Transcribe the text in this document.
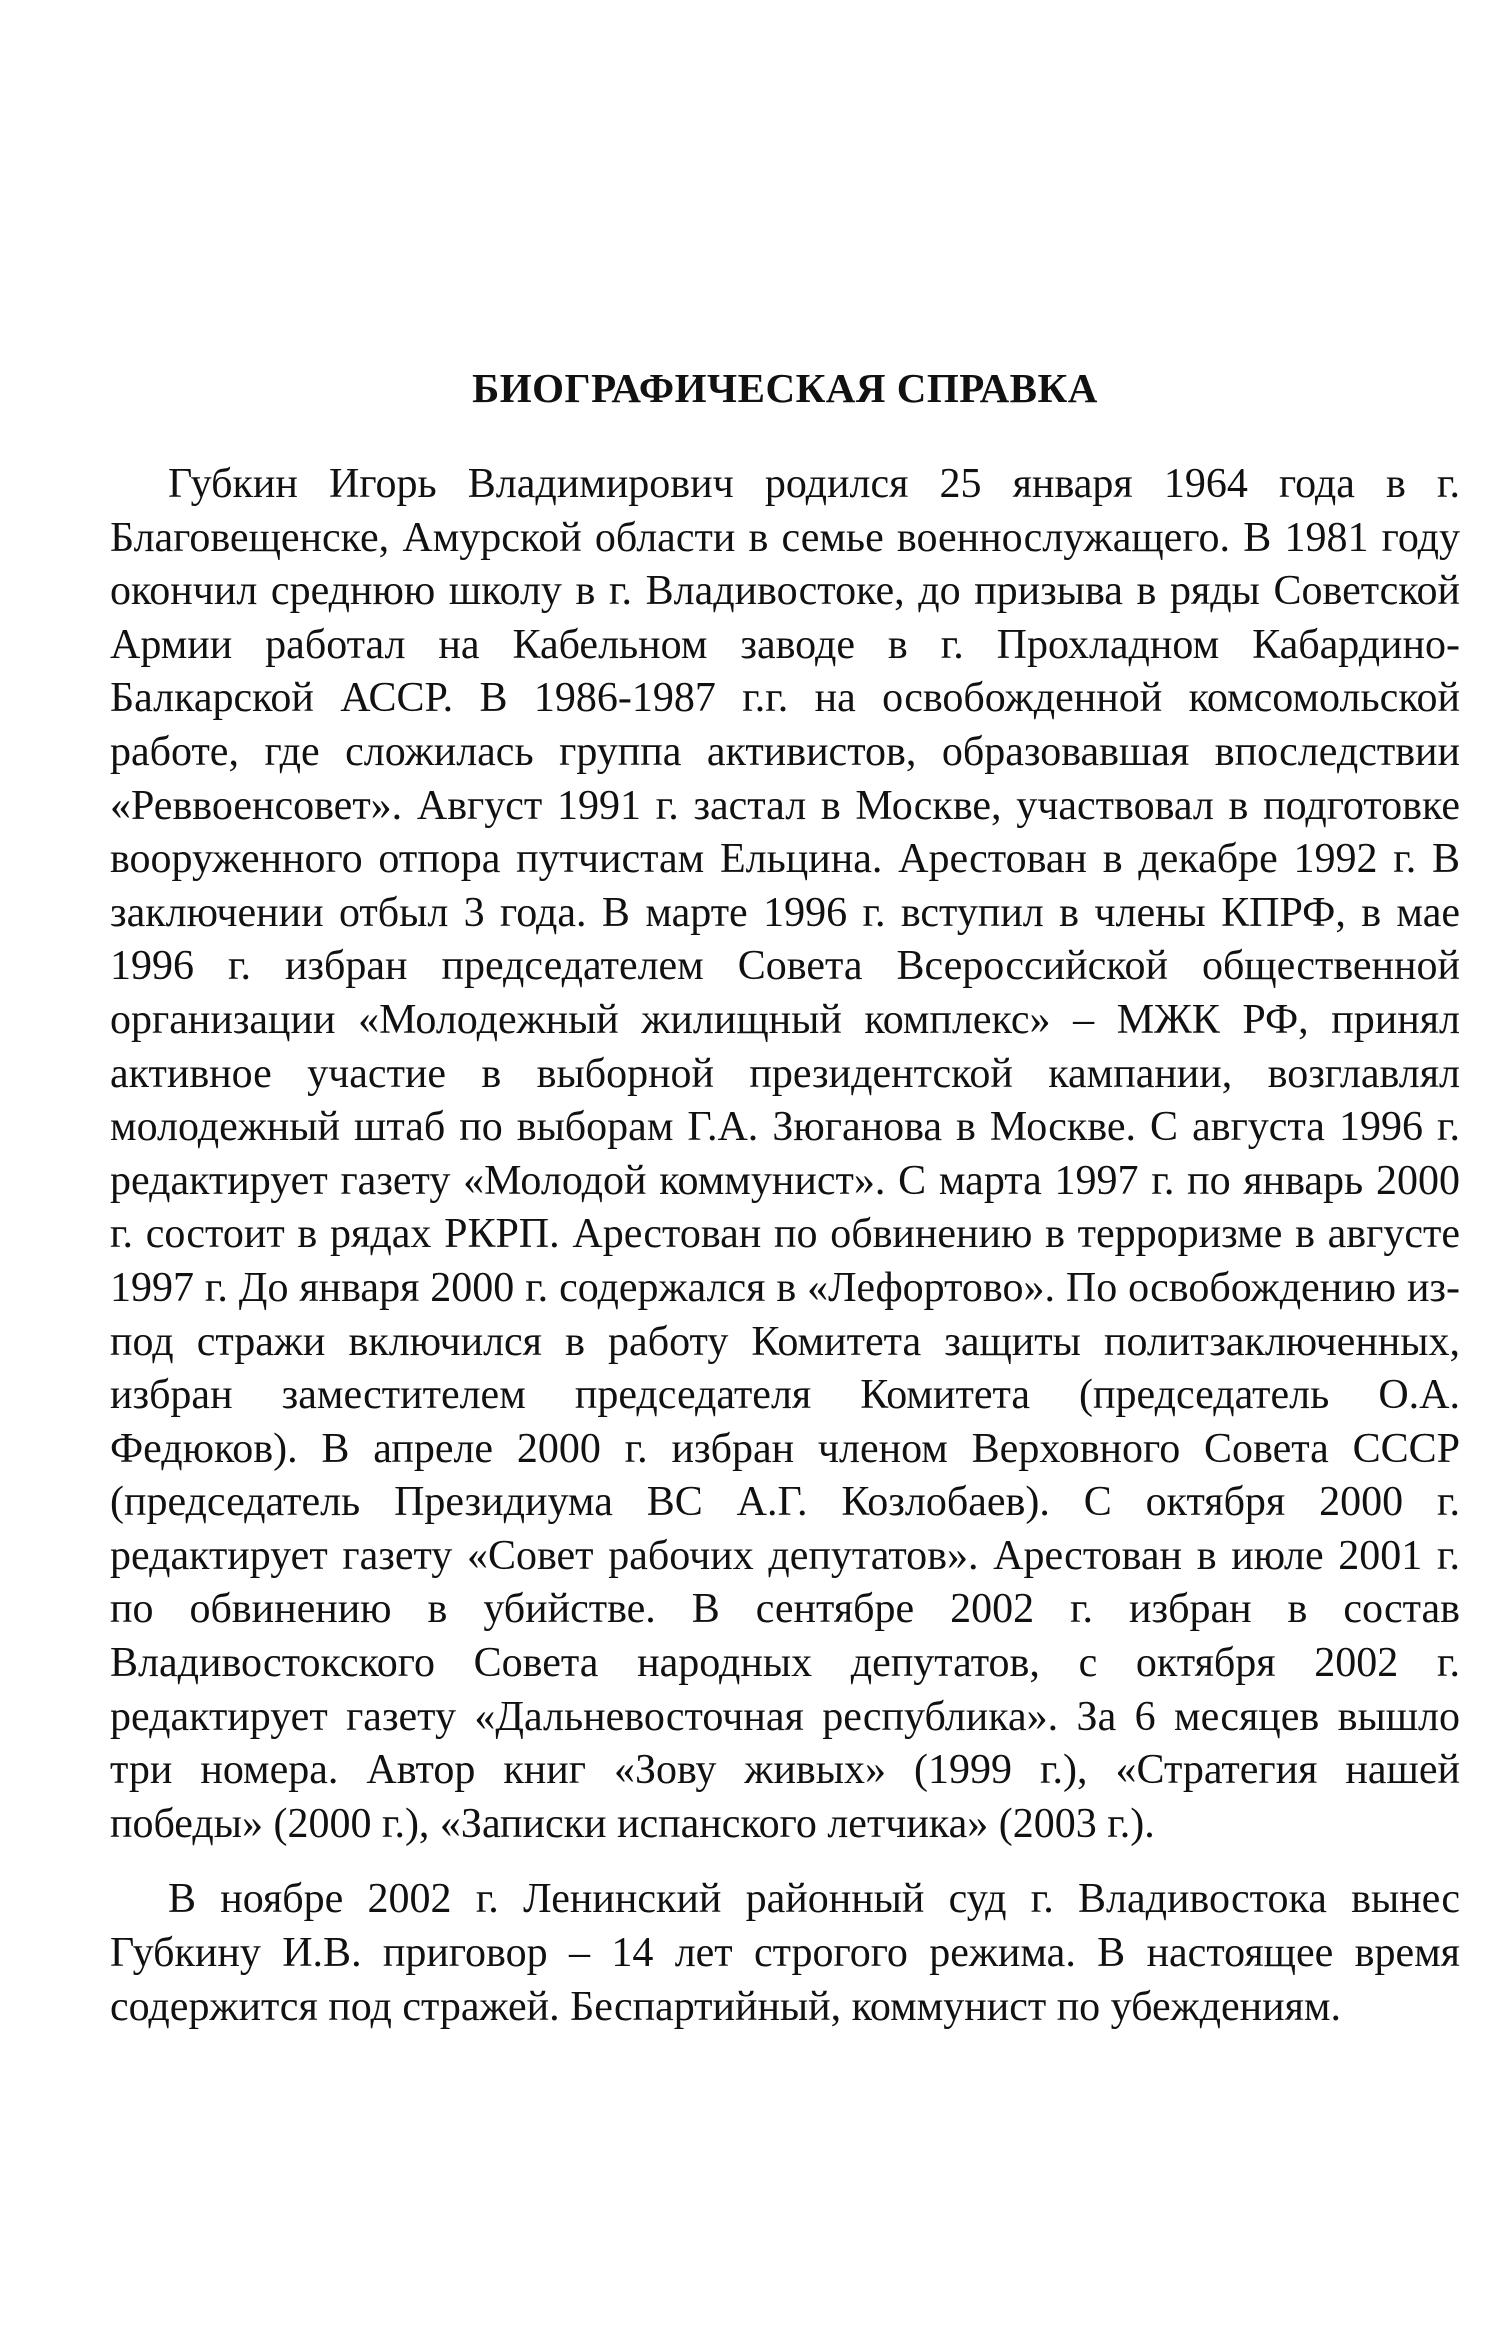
БИОГРАФИЧЕСКАЯ СПРАВКА

Губкин Игорь Владимирович родился 25 января 1964 года в г. Благовещенске, Амурской области в семье военнослужащего. В 1981 году окончил среднюю школу в г. Владивостоке, до призыва в ряды Советской Армии работал на Кабельном заводе в г. Прохладном Кабардино-Балкарской АССР. В 1986-1987 г.г. на освобожденной комсомольской работе, где сложилась группа активистов, образовавшая впоследствии «Реввоенсовет». Август 1991 г. застал в Москве, участвовал в подготовке вооруженного отпора путчистам Ельцина. Арестован в декабре 1992 г. В заключении отбыл 3 года. В марте 1996 г. вступил в члены КПРФ, в мае 1996 г. избран председателем Совета Всероссийской общественной организации «Молодежный жилищный комплекс» – МЖК РФ, принял активное участие в выборной президентской кампании, возглавлял молодежный штаб по выборам Г.А. Зюганова в Москве. С августа 1996 г. редактирует газету «Молодой коммунист». С марта 1997 г. по январь 2000 г. состоит в рядах РКРП. Арестован по обвинению в терроризме в августе 1997 г. До января 2000 г. содержался в «Лефортово». По освобождению из-под стражи включился в работу Комитета защиты политзаключенных, избран заместителем председателя Комитета (председатель О.А. Федюков). В апреле 2000 г. избран членом Верховного Совета СССР (председатель Президиума ВС А.Г. Козлобаев). С октября 2000 г. редактирует газету «Совет рабочих депутатов». Арестован в июле 2001 г. по обвинению в убийстве. В сентябре 2002 г. избран в состав Владивостокского Совета народных депутатов, с октября 2002 г. редактирует газету «Дальневосточная республика». За 6 месяцев вышло три номера. Автор книг «Зову живых» (1999 г.), «Стратегия нашей победы» (2000 г.), «Записки испанского летчика» (2003 г.).

В ноябре 2002 г. Ленинский районный суд г. Владивостока вынес Губкину И.В. приговор – 14 лет строгого режима. В настоящее время содержится под стражей. Беспартийный, коммунист по убеждениям.
